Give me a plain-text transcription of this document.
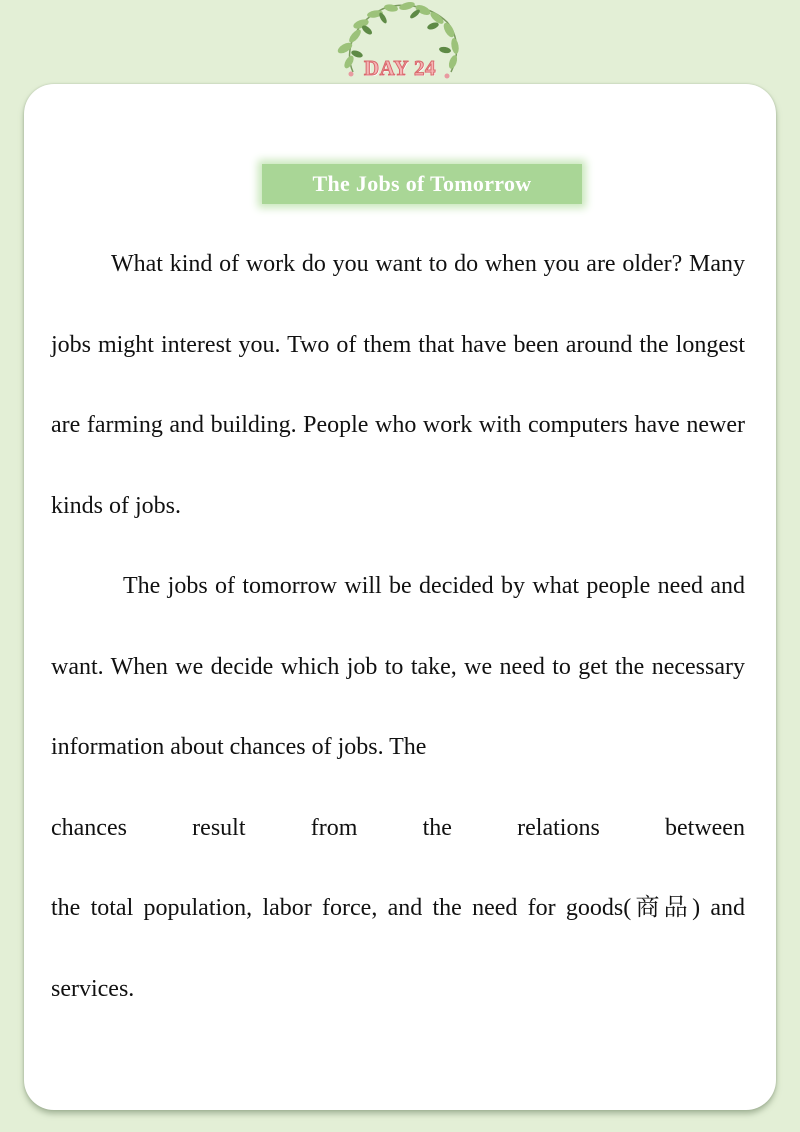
DAY 24
The Jobs of Tomorrow

What kind of work do you want to do when you are older? Many jobs might interest you. Two of them that have been around the longest are farming and building. People who work with computers have newer kinds of jobs.

The jobs of tomorrow will be decided by what people need and want. When we decide which job to take, we need to get the necessary information about chances of jobs. The

chances	result	from	the	relations	between

the total population, labor force, and the need for goods(商品) and services.
